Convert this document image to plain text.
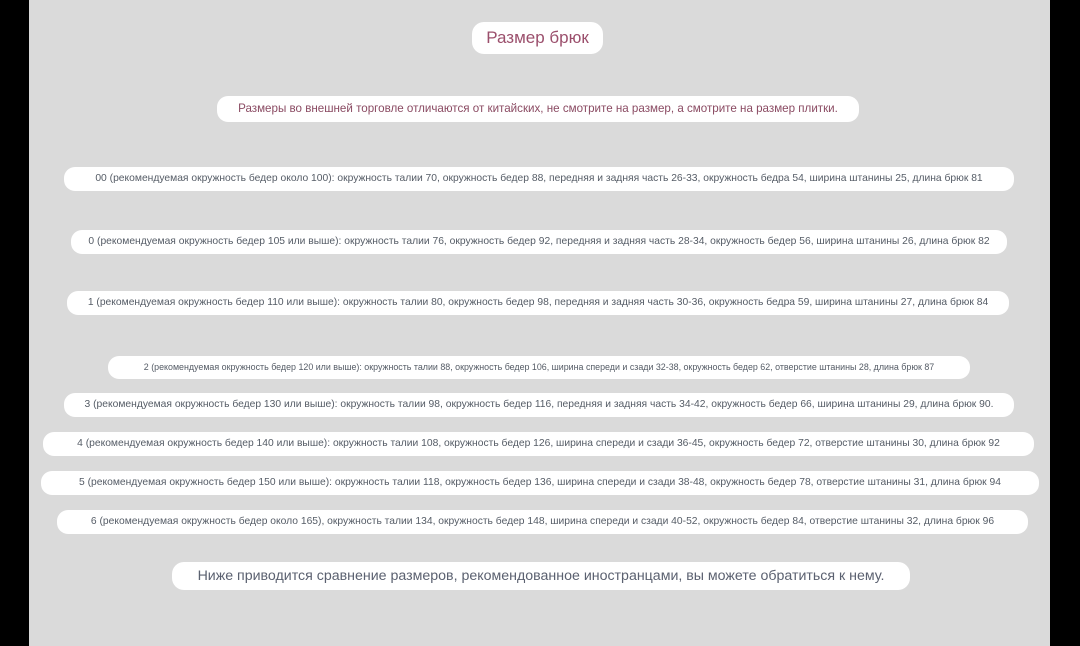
Размер брюк
Размеры во внешней торговле отличаются от китайских, не смотрите на размер, а смотрите на размер плитки.
00 (рекомендуемая окружность бедер около 100): окружность талии 70, окружность бедер 88, передняя и задняя часть 26-33, окружность бедра 54, ширина штанины 25, длина брюк 81
0 (рекомендуемая окружность бедер 105 или выше): окружность талии 76, окружность бедер 92, передняя и задняя часть 28-34, окружность бедер 56, ширина штанины 26, длина брюк 82
1 (рекомендуемая окружность бедер 110 или выше): окружность талии 80, окружность бедер 98, передняя и задняя часть 30-36, окружность бедра 59, ширина штанины 27, длина брюк 84
2 (рекомендуемая окружность бедер 120 или выше): окружность талии 88, окружность бедер 106, ширина спереди и сзади 32-38, окружность бедер 62, отверстие штанины 28, длина брюк 87
3 (рекомендуемая окружность бедер 130 или выше): окружность талии 98, окружность бедер 116, передняя и задняя часть 34-42, окружность бедер 66, ширина штанины 29, длина брюк 90.
4 (рекомендуемая окружность бедер 140 или выше): окружность талии 108, окружность бедер 126, ширина спереди и сзади 36-45, окружность бедер 72, отверстие штанины 30, длина брюк 92
5 (рекомендуемая окружность бедер 150 или выше): окружность талии 118, окружность бедер 136, ширина спереди и сзади 38-48, окружность бедер 78, отверстие штанины 31, длина брюк 94
6 (рекомендуемая окружность бедер около 165), окружность талии 134, окружность бедер 148, ширина спереди и сзади 40-52, окружность бедер 84, отверстие штанины 32, длина брюк 96
Ниже приводится сравнение размеров, рекомендованное иностранцами, вы можете обратиться к нему.
